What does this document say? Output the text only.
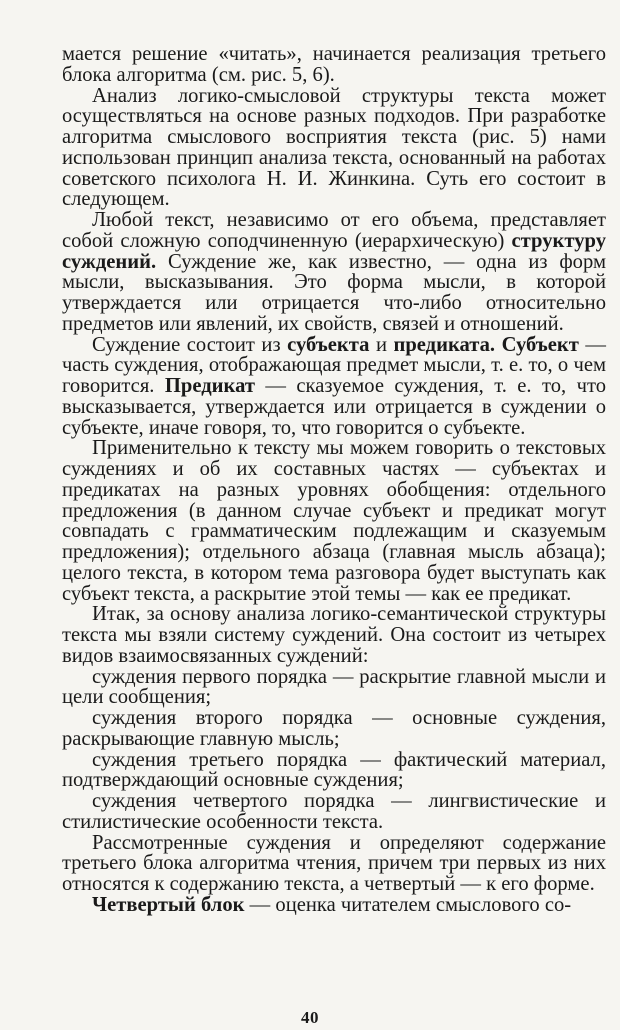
мается решение «читать», начинается реализация третьего блока алгоритма (см. рис. 5, 6).

Анализ логико-смысловой структуры текста может осуществляться на основе разных подходов. При разработке алгоритма смыслового восприятия текста (рис. 5) нами использован принцип анализа текста, основанный на работах советского психолога Н. И. Жинкина. Суть его состоит в следующем.

Любой текст, независимо от его объема, представляет собой сложную соподчиненную (иерархическую) структуру суждений. Суждение же, как известно, — одна из форм мысли, высказывания. Это форма мысли, в которой утверждается или отрицается что-либо относительно предметов или явлений, их свойств, связей и отношений.

Суждение состоит из субъекта и предиката. Субъект — часть суждения, отображающая предмет мысли, т. е. то, о чем говорится. Предикат — сказуемое суждения, т. е. то, что высказывается, утверждается или отрицается в суждении о субъекте, иначе говоря, то, что говорится о субъекте.

Применительно к тексту мы можем говорить о текстовых суждениях и об их составных частях — субъектах и предикатах на разных уровнях обобщения: отдельного предложения (в данном случае субъект и предикат могут совпадать с грамматическим подлежащим и сказуемым предложения); отдельного абзаца (главная мысль абзаца); целого текста, в котором тема разговора будет выступать как субъект текста, а раскрытие этой темы — как ее предикат.

Итак, за основу анализа логико-семантической структуры текста мы взяли систему суждений. Она состоит из четырех видов взаимосвязанных суждений:

суждения первого порядка — раскрытие главной мысли и цели сообщения;

суждения второго порядка — основные суждения, раскрывающие главную мысль;

суждения третьего порядка — фактический материал, подтверждающий основные суждения;

суждения четвертого порядка — лингвистические и стилистические особенности текста.

Рассмотренные суждения и определяют содержание третьего блока алгоритма чтения, причем три первых из них относятся к содержанию текста, а четвертый — к его форме.

Четвертый блок — оценка читателем смыслового со-

40
